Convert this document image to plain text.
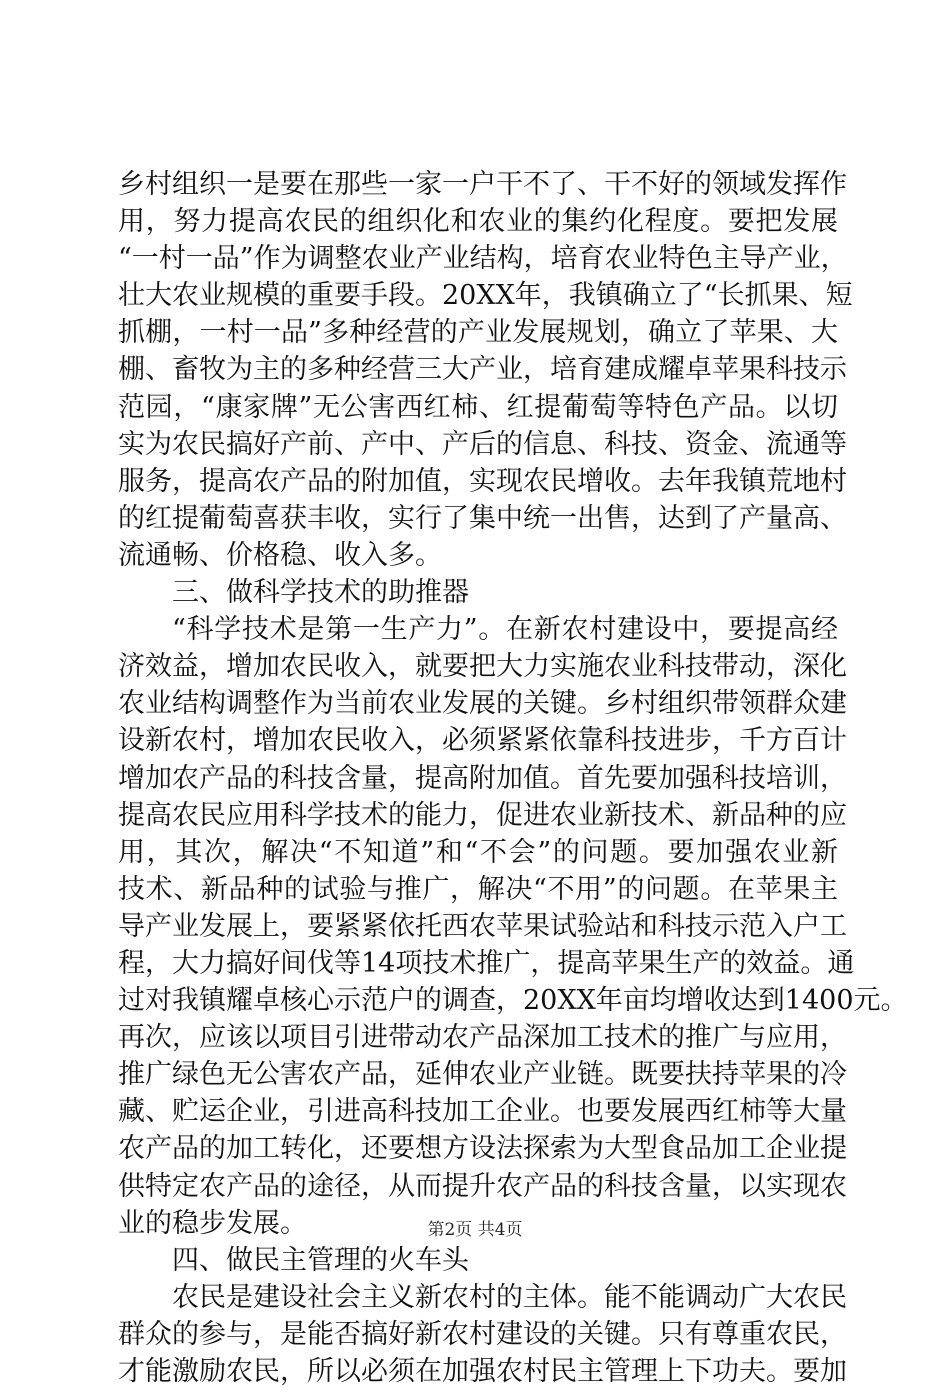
乡村组织一是要在那些一家一户干不了、干不好的领域发挥作
用，努力提高农民的组织化和农业的集约化程度。要把发展
“一村一品”作为调整农业产业结构，培育农业特色主导产业，
壮大农业规模的重要手段。20XX年，我镇确立了“长抓果、短
抓棚，一村一品”多种经营的产业发展规划，确立了苹果、大
棚、畜牧为主的多种经营三大产业，培育建成耀卓苹果科技示
范园，“康家牌”无公害西红柿、红提葡萄等特色产品。以切
实为农民搞好产前、产中、产后的信息、科技、资金、流通等
服务，提高农产品的附加值，实现农民增收。去年我镇荒地村
的红提葡萄喜获丰收，实行了集中统一出售，达到了产量高、
流通畅、价格稳、收入多。
三、做科学技术的助推器
“科学技术是第一生产力”。在新农村建设中，要提高经
济效益，增加农民收入，就要把大力实施农业科技带动，深化
农业结构调整作为当前农业发展的关键。乡村组织带领群众建
设新农村，增加农民收入，必须紧紧依靠科技进步，千方百计
增加农产品的科技含量，提高附加值。首先要加强科技培训，
提高农民应用科学技术的能力，促进农业新技术、新品种的应
用，其次，解决“不知道”和“不会”的问题。要加强农业新
技术、新品种的试验与推广，解决“不用”的问题。在苹果主
导产业发展上，要紧紧依托西农苹果试验站和科技示范入户工
程，大力搞好间伐等14项技术推广，提高苹果生产的效益。通
过对我镇耀卓核心示范户的调查，20XX年亩均增收达到1400元。
再次，应该以项目引进带动农产品深加工技术的推广与应用，
推广绿色无公害农产品，延伸农业产业链。既要扶持苹果的冷
藏、贮运企业，引进高科技加工企业。也要发展西红柿等大量
农产品的加工转化，还要想方设法探索为大型食品加工企业提
供特定农产品的途径，从而提升农产品的科技含量，以实现农
业的稳步发展。
四、做民主管理的火车头
农民是建设社会主义新农村的主体。能不能调动广大农民
群众的参与，是能否搞好新农村建设的关键。只有尊重农民，
才能激励农民，所以必须在加强农村民主管理上下功夫。要加
第2页 共4页
